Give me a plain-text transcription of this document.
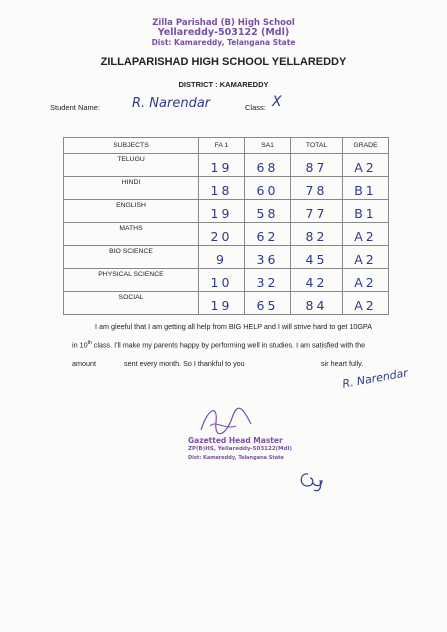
Zilla Parishad (B) High School
Yellareddy-503122 (Mdl)
Dist: Kamareddy, Telangana State
ZILLAPARISHAD HIGH SCHOOL YELLAREDDY
DISTRICT : KAMAREDDY
Student Name: R. Narendar	Class: X
SUBJECTS	FA 1	SA1	TOTAL	GRADE
TELUGU	19	68	87	A2
HINDI	18	60	78	B1
ENGLISH	19	58	77	B1
MATHS	20	62	82	A2
BIO SCIENCE	9	36	45	A2
PHYSICAL SCIENCE	10	32	42	A2
SOCIAL	19	65	84	A2
I am gleeful that I am getting all help from BIG HELP and I will strive hard to get 10GPA
in 10th class. I'll make my parents happy by performing well in studies. I am satisfied with the
amount	sent every month. So I thankful to you	sir heart fully.
R. Narendar
Gazetted Head Master
ZP(B)HS, Yellareddy-503122(Mdl)
Dist: Kamareddy, Telangana State
